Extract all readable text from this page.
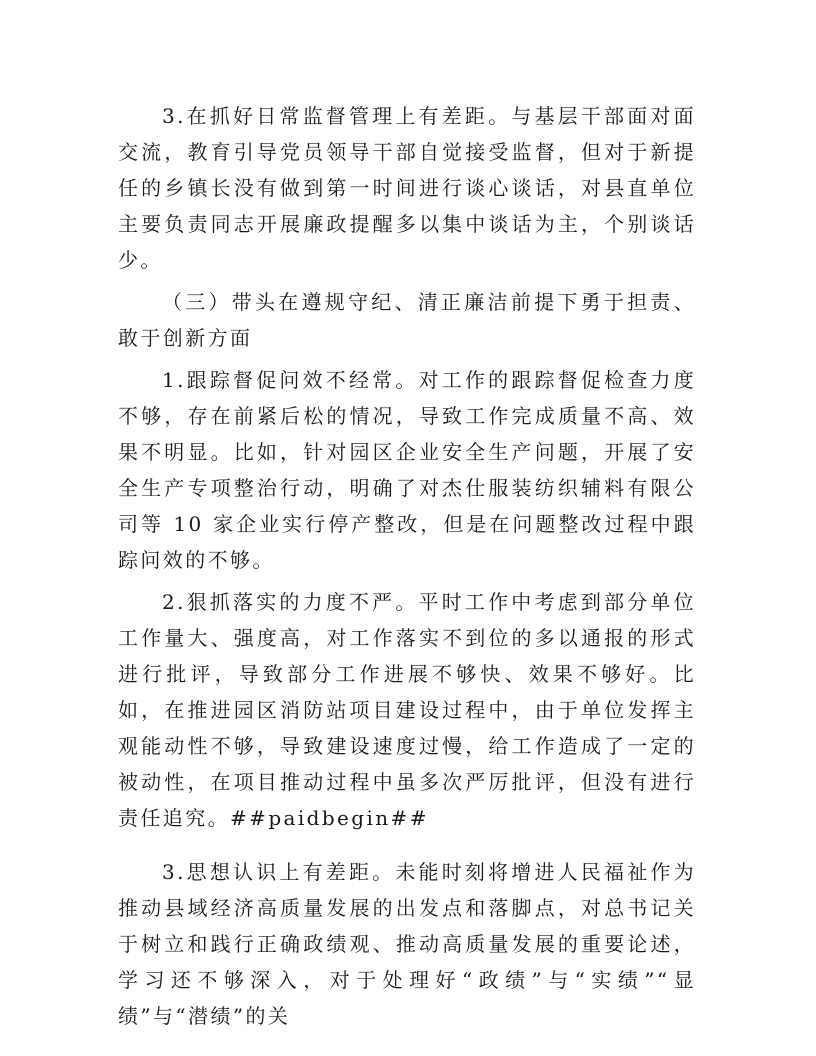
3.在抓好日常监督管理上有差距。与基层干部面对面交流，教育引导党员领导干部自觉接受监督，但对于新提任的乡镇长没有做到第一时间进行谈心谈话，对县直单位主要负责同志开展廉政提醒多以集中谈话为主，个别谈话少。

（三）带头在遵规守纪、清正廉洁前提下勇于担责、敢于创新方面

1.跟踪督促问效不经常。对工作的跟踪督促检查力度不够，存在前紧后松的情况，导致工作完成质量不高、效果不明显。比如，针对园区企业安全生产问题，开展了安全生产专项整治行动，明确了对杰仕服装纺织辅料有限公司等 10 家企业实行停产整改，但是在问题整改过程中跟踪问效的不够。

2.狠抓落实的力度不严。平时工作中考虑到部分单位工作量大、强度高，对工作落实不到位的多以通报的形式进行批评，导致部分工作进展不够快、效果不够好。比如，在推进园区消防站项目建设过程中，由于单位发挥主观能动性不够，导致建设速度过慢，给工作造成了一定的被动性，在项目推动过程中虽多次严厉批评，但没有进行责任追究。##paidbegin##

3.思想认识上有差距。未能时刻将增进人民福祉作为推动县域经济高质量发展的出发点和落脚点，对总书记关于树立和践行正确政绩观、推动高质量发展的重要论述，学习还不够深入，对于处理好“政绩”与“实绩”“显绩”与“潜绩”的关
